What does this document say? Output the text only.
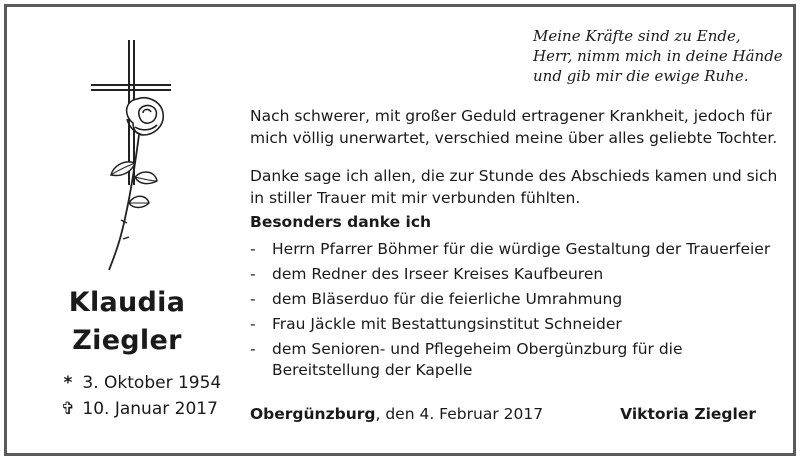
Klaudia
Ziegler
* 3. Oktober 1954
✞ 10. Januar 2017
Meine Kräfte sind zu Ende,
Herr, nimm mich in deine Hände
und gib mir die ewige Ruhe.
Nach schwerer, mit großer Geduld ertragener Krankheit, jedoch für
mich völlig unerwartet, verschied meine über alles geliebte Tochter.
Danke sage ich allen, die zur Stunde des Abschieds kamen und sich
in stiller Trauer mit mir verbunden fühlten.
Besonders danke ich
- Herrn Pfarrer Böhmer für die würdige Gestaltung der Trauerfeier
- dem Redner des Irseer Kreises Kaufbeuren
- dem Bläserduo für die feierliche Umrahmung
- Frau Jäckle mit Bestattungsinstitut Schneider
- dem Senioren- und Pflegeheim Obergünzburg für die
Bereitstellung der Kapelle
Obergünzburg, den 4. Februar 2017	Viktoria Ziegler
